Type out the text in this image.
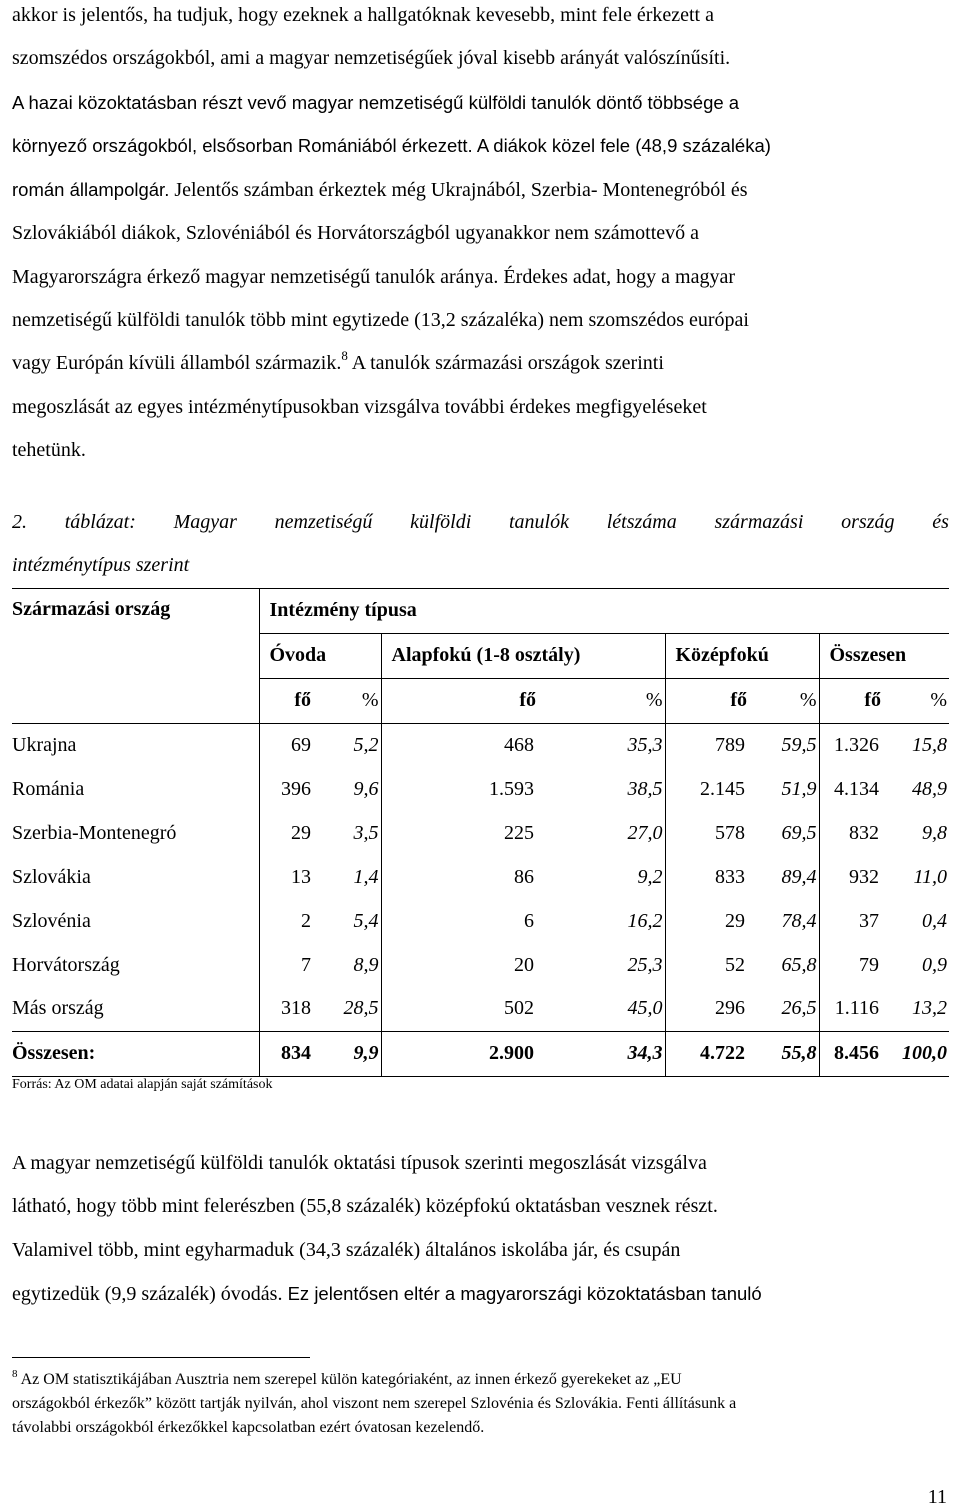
akkor is jelentős, ha tudjuk, hogy ezeknek a hallgatóknak kevesebb, mint fele érkezett a
szomszédos országokból, ami a magyar nemzetiségűek jóval kisebb arányát valószínűsíti.
A hazai közoktatásban részt vevő magyar nemzetiségű külföldi tanulók döntő többsége a
környező országokból, elsősorban Romániából érkezett. A diákok közel fele (48,9 százaléka)
román állampolgár. Jelentős számban érkeztek még Ukrajnából, Szerbia- Montenegróból és
Szlovákiából diákok, Szlovéniából és Horvátországból ugyanakkor nem számottevő a
Magyarországra érkező magyar nemzetiségű tanulók aránya. Érdekes adat, hogy a magyar
nemzetiségű külföldi tanulók több mint egytizede (13,2 százaléka) nem szomszédos európai
vagy Európán kívüli államból származik.$^8$ A tanulók származási országok szerinti
megoszlását az egyes intézménytípusokban vizsgálva további érdekes megfigyeléseket
tehetünk.
2. táblázat: Magyar nemzetiségű külföldi tanulók létszáma származási ország és
intézménytípus szerint
Származási ország	Intézmény típusa							
	Óvoda		Alapfokú (1-8 osztály)		Középfokú		Összesen	
	fő	%	fő	%	fő	%	fő	%
Ukrajna	69	5,2	468	35,3	789	59,5	1.326	15,8
Románia	396	9,6	1.593	38,5	2.145	51,9	4.134	48,9
Szerbia-Montenegró	29	3,5	225	27,0	578	69,5	832	9,8
Szlovákia	13	1,4	86	9,2	833	89,4	932	11,0
Szlovénia	2	5,4	6	16,2	29	78,4	37	0,4
Horvátország	7	8,9	20	25,3	52	65,8	79	0,9
Más ország	318	28,5	502	45,0	296	26,5	1.116	13,2
Összesen:	834	9,9	2.900	34,3	4.722	55,8	8.456	100,0
Forrás: Az OM adatai alapján saját számítások
A magyar nemzetiségű külföldi tanulók oktatási típusok szerinti megoszlását vizsgálva
látható, hogy több mint felerészben (55,8 százalék) középfokú oktatásban vesznek részt.
Valamivel több, mint egyharmaduk (34,3 százalék) általános iskolába jár, és csupán
egytizedük (9,9 százalék) óvodás. Ez jelentősen eltér a magyarországi közoktatásban tanuló
$^8$ Az OM statisztikájában Ausztria nem szerepel külön kategóriaként, az innen érkező gyerekeket az „EU
országokból érkezők” között tartják nyilván, ahol viszont nem szerepel Szlovénia és Szlovákia. Fenti állításunk a
távolabbi országokból érkezőkkel kapcsolatban ezért óvatosan kezelendő.
11
